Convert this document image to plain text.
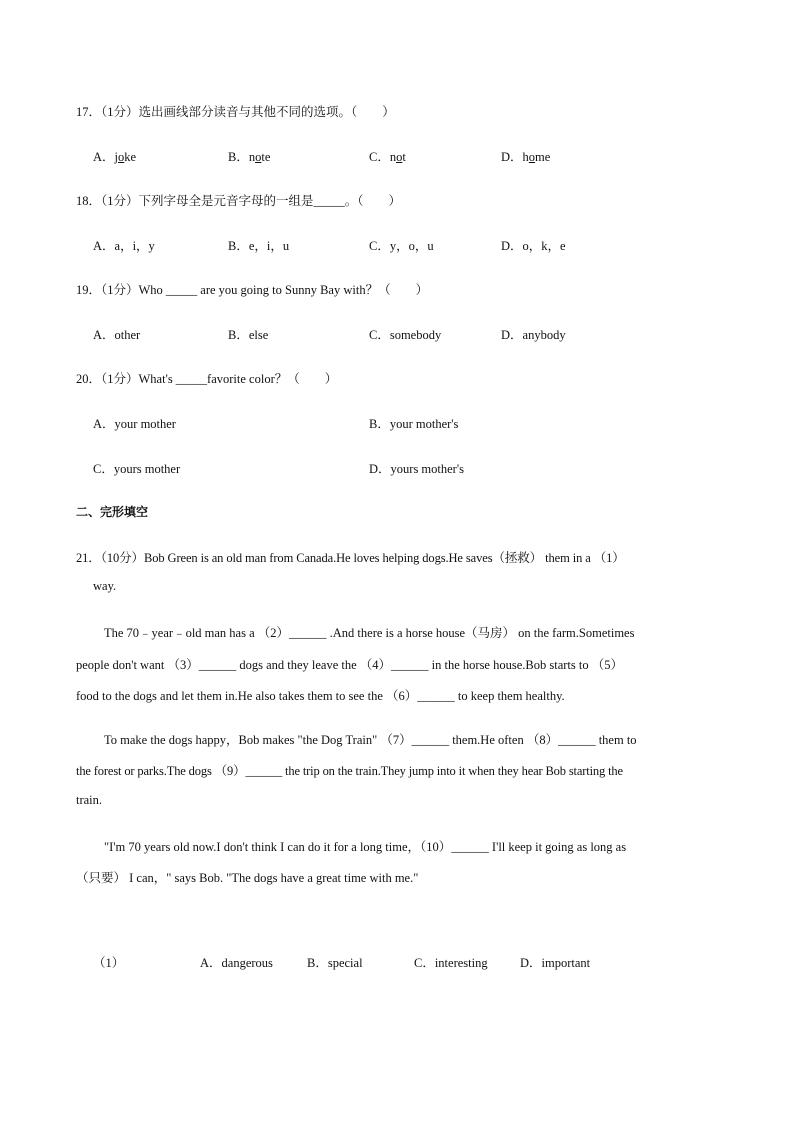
17．（1分）选出画线部分读音与其他不同的选项。（　　）
A．joke	B．note	C．not	D．home
18．（1分）下列字母全是元音字母的一组是_____。（　　）
A．a，i，y	B．e，i，u	C．y，o，u	D．o，k，e
19．（1分）Who _____ are you going to Sunny Bay with？（　　）
A．other	B．else	C．somebody	D．anybody
20．（1分）What's _____favorite color？（　　）
A．your mother	B．your mother's
C．yours mother	D．yours mother's
二、完形填空
21．（10分）Bob Green is an old man from Canada.He loves helping dogs.He saves（拯救） them in a （1）
way.
The 70﹣year﹣old man has a （2）______ .And there is a horse house（马房） on the farm.Sometimes
people don't want （3）______ dogs and they leave the （4）______ in the horse house.Bob starts to （5）
food to the dogs and let them in.He also takes them to see the （6）______ to keep them healthy.
To make the dogs happy，Bob makes "the Dog Train" （7）______ them.He often （8）______ them to
the forest or parks.The dogs （9）______ the trip on the train.They jump into it when they hear Bob starting the
train.
"I'm 70 years old now.I don't think I can do it for a long time，（10）______ I'll keep it going as long as
（只要） I can，" says Bob. "The dogs have a great time with me."
（1）	A．dangerous	B．special	C．interesting	D．important
